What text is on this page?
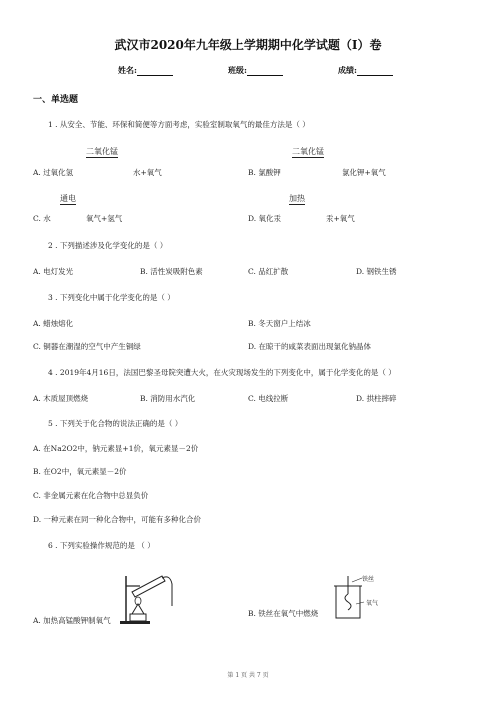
武汉市2020年九年级上学期期中化学试题（I）卷
姓名:	班级:	成绩:
一、单选题
1 . 从安全、节能、环保和简便等方面考虑，实验室制取氧气的最佳方法是（ ）
二氧化锰	二氧化锰
A. 过氧化氢	水+氧气	B. 氯酸钾	氯化钾+氧气
通电	加热
C. 水	氧气+氢气	D. 氧化汞	汞+氧气
2 . 下列描述涉及化学变化的是（ ）
A. 电灯发光	B. 活性炭吸附色素	C. 品红扩散	D. 钢铁生锈
3 . 下列变化中属于化学变化的是（ ）
A. 蜡烛熔化	B. 冬天窗户上结冰
C. 铜器在潮湿的空气中产生铜绿	D. 在晾干的咸菜表面出现氯化钠晶体
4 . 2019年4月16日，法国巴黎圣母院突遭大火，在火灾现场发生的下列变化中，属于化学变化的是（ ）
A. 木质屋顶燃烧	B. 消防用水汽化	C. 电线拉断	D. 拱柱摔碎
5 . 下列关于化合物的说法正确的是（ ）
A. 在Na2O2中，钠元素显+1价，氧元素显－2价
B. 在O2中，氧元素显－2价
C. 非金属元素在化合物中总显负价
D. 一种元素在同一种化合物中，可能有多种化合价
6 . 下列实验操作规范的是 （ ）
A. 加热高锰酸钾制氧气
铁丝
氧气
B. 铁丝在氧气中燃烧
第 1 页 共 7 页
